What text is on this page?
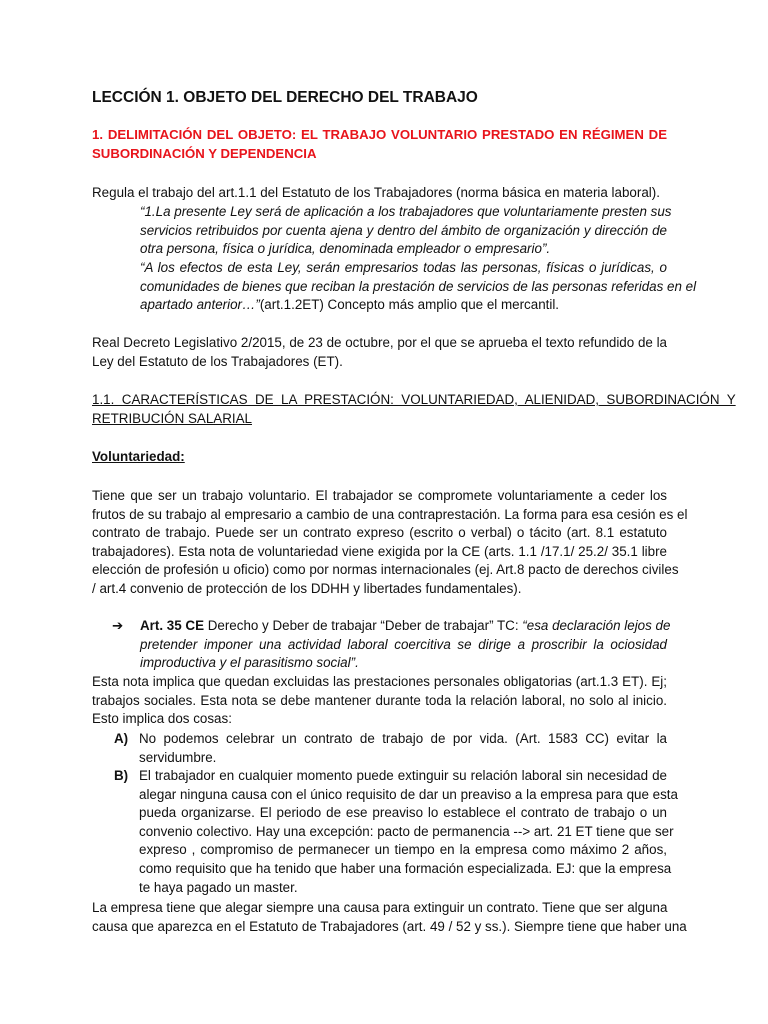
LECCIÓN 1. OBJETO DEL DERECHO DEL TRABAJO
1. DELIMITACIÓN DEL OBJETO: EL TRABAJO VOLUNTARIO PRESTADO EN RÉGIMEN DE
SUBORDINACIÓN Y DEPENDENCIA
Regula el trabajo del art.1.1 del Estatuto de los Trabajadores (norma básica en materia laboral).
“1.La presente Ley será de aplicación a los trabajadores que voluntariamente presten sus
servicios retribuidos por cuenta ajena y dentro del ámbito de organización y dirección de
otra persona, física o jurídica, denominada empleador o empresario”.
“A los efectos de esta Ley, serán empresarios todas las personas, físicas o jurídicas, o
comunidades de bienes que reciban la prestación de servicios de las personas referidas en el
apartado anterior…”(art.1.2ET) Concepto más amplio que el mercantil.
Real Decreto Legislativo 2/2015, de 23 de octubre, por el que se aprueba el texto refundido de la
Ley del Estatuto de los Trabajadores (ET).
1.1.  CARACTERÍSTICAS  DE  LA  PRESTACIÓN:  VOLUNTARIEDAD,  ALIENIDAD,  SUBORDINACIÓN  Y
RETRIBUCIÓN SALARIAL
Voluntariedad:
Tiene que ser un trabajo voluntario. El trabajador se compromete voluntariamente a ceder los
frutos de su trabajo al empresario a cambio de una contraprestación. La forma para esa cesión es el
contrato de trabajo. Puede ser un contrato expreso (escrito o verbal) o tácito (art. 8.1 estatuto
trabajadores). Esta nota de voluntariedad viene exigida por la CE (arts. 1.1 /17.1/ 25.2/ 35.1 libre
elección de profesión u oficio) como por normas internacionales (ej. Art.8 pacto de derechos civiles
/ art.4 convenio de protección de los DDHH y libertades fundamentales).
➔ Art. 35 CE Derecho y Deber de trabajar “Deber de trabajar” TC: “esa declaración lejos de
pretender imponer una actividad laboral coercitiva se dirige a proscribir la ociosidad
improductiva y el parasitismo social”.
Esta nota implica que quedan excluidas las prestaciones personales obligatorias (art.1.3 ET). Ej;
trabajos sociales. Esta nota se debe mantener durante toda la relación laboral, no solo al inicio.
Esto implica dos cosas:
A) No podemos celebrar un contrato de trabajo de por vida. (Art. 1583 CC) evitar la
servidumbre.
B) El trabajador en cualquier momento puede extinguir su relación laboral sin necesidad de
alegar ninguna causa con el único requisito de dar un preaviso a la empresa para que esta
pueda organizarse. El periodo de ese preaviso lo establece el contrato de trabajo o un
convenio colectivo. Hay una excepción: pacto de permanencia --> art. 21 ET tiene que ser
expreso , compromiso de permanecer un tiempo en la empresa como máximo 2 años,
como requisito que ha tenido que haber una formación especializada. EJ: que la empresa
te haya pagado un master.
La empresa tiene que alegar siempre una causa para extinguir un contrato. Tiene que ser alguna
causa que aparezca en el Estatuto de Trabajadores (art. 49 / 52 y ss.). Siempre tiene que haber una
